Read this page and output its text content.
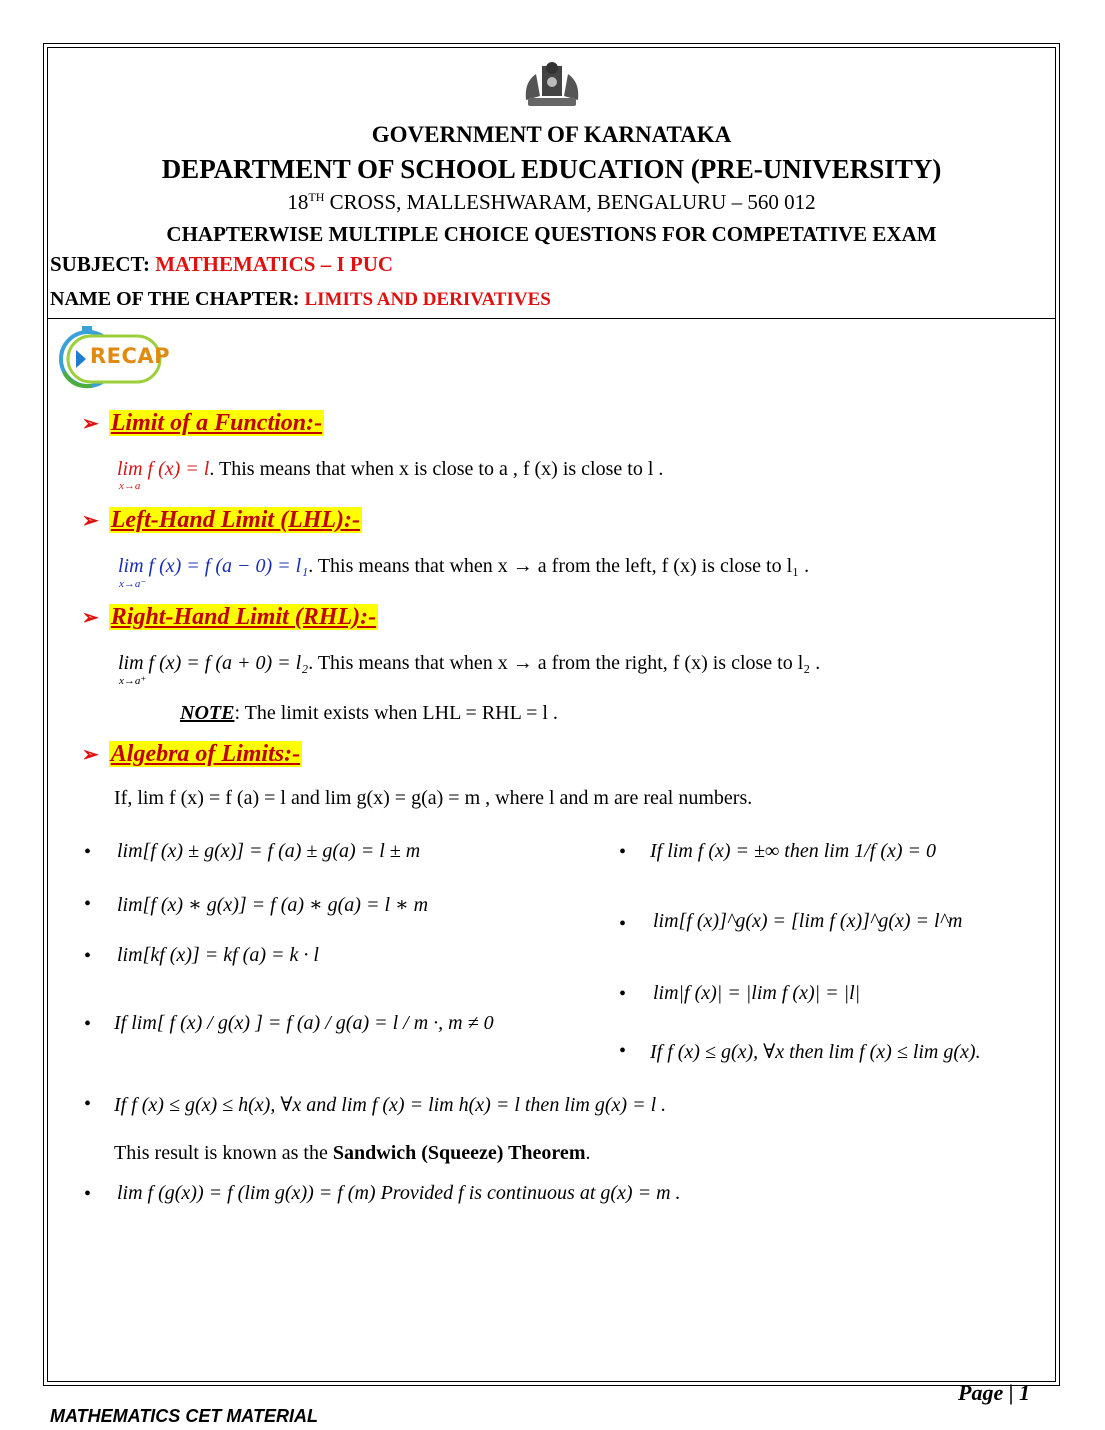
GOVERNMENT OF KARNATAKA
DEPARTMENT OF SCHOOL EDUCATION (PRE-UNIVERSITY)
18TH CROSS, MALLESHWARAM, BENGALURU – 560 012
CHAPTERWISE MULTIPLE CHOICE QUESTIONS FOR COMPETATIVE EXAM
SUBJECT: MATHEMATICS – I PUC
NAME OF THE CHAPTER: LIMITS AND DERIVATIVES
RECAP
➢ Limit of a Function:-
lim f (x) = l. This means that when x is close to a , f (x) is close to l .
x→a
➢ Left-Hand Limit (LHL):-
lim f (x) = f (a − 0) = l₁. This means that when x → a from the left, f (x) is close to l₁ .
x→a⁻
➢ Right-Hand Limit (RHL):-
lim f (x) = f (a + 0) = l₂. This means that when x → a from the right, f (x) is close to l₂ .
x→a⁺
NOTE: The limit exists when LHL = RHL = l .
➢ Algebra of Limits:-
If, lim f (x) = f (a) = l and lim g(x) = g(a) = m , where l and m are real numbers.
• lim[f (x) ± g(x)] = f (a) ± g(a) = l ± m
• lim[f (x) ∗ g(x)] = f (a) ∗ g(a) = l ∗ m
• lim[kf (x)] = kf (a) = k · l
• If lim[ f (x) / g(x) ] = f (a) / g(a) = l / m ·, m ≠ 0
• If lim f (x) = ±∞ then lim 1/f (x) = 0
• lim[f (x)]^g(x) = [lim f (x)]^g(x) = l^m
• lim|f (x)| = |lim f (x)| = |l|
• If f (x) ≤ g(x), ∀x then lim f (x) ≤ lim g(x).
• If f (x) ≤ g(x) ≤ h(x), ∀x and lim f (x) = lim h(x) = l then lim g(x) = l .
This result is known as the Sandwich (Squeeze) Theorem.
• lim f (g(x)) = f (lim g(x)) = f (m) Provided f is continuous at g(x) = m .
Page | 1
MATHEMATICS CET MATERIAL
